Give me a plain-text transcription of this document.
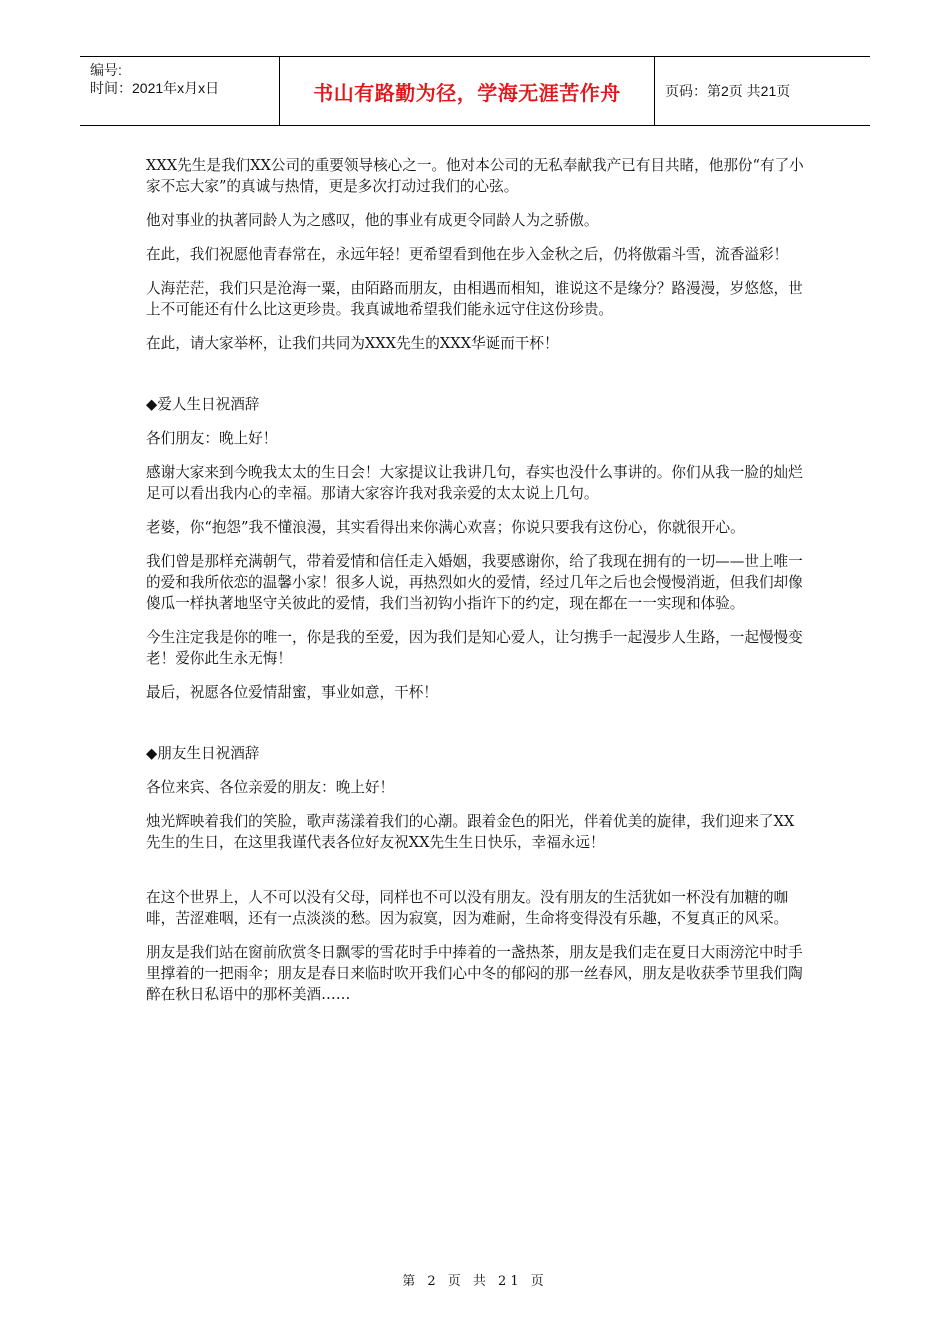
编号:
时间：2021年x月x日	书山有路勤为径，学海无涯苦作舟	页码：第2页 共21页

XXX先生是我们XX公司的重要领导核心之一。他对本公司的无私奉献我产已有目共睹，他那份“有了小家不忘大家”的真诚与热情，更是多次打动过我们的心弦。

他对事业的执著同龄人为之感叹，他的事业有成更令同龄人为之骄傲。

在此，我们祝愿他青春常在，永远年轻！更希望看到他在步入金秋之后，仍将傲霜斗雪，流香溢彩！

人海茫茫，我们只是沧海一粟，由陌路而朋友，由相遇而相知，谁说这不是缘分？路漫漫，岁悠悠，世上不可能还有什么比这更珍贵。我真诚地希望我们能永远守住这份珍贵。

在此，请大家举杯，让我们共同为XXX先生的XXX华诞而干杯！

◆爱人生日祝酒辞

各们朋友：晚上好！

感谢大家来到今晚我太太的生日会！大家提议让我讲几句，春实也没什么事讲的。你们从我一脸的灿烂足可以看出我内心的幸福。那请大家容许我对我亲爱的太太说上几句。

老婆，你“抱怨”我不懂浪漫，其实看得出来你满心欢喜；你说只要我有这份心，你就很开心。

我们曾是那样充满朝气，带着爱情和信任走入婚姻，我要感谢你，给了我现在拥有的一切——世上唯一的爱和我所依恋的温馨小家！很多人说，再热烈如火的爱情，经过几年之后也会慢慢消逝，但我们却像傻瓜一样执著地坚守关彼此的爱情，我们当初钩小指许下的约定，现在都在一一实现和体验。

今生注定我是你的唯一，你是我的至爱，因为我们是知心爱人，让匀携手一起漫步人生路，一起慢慢变老！爱你此生永无悔！

最后，祝愿各位爱情甜蜜，事业如意，干杯！

◆朋友生日祝酒辞

各位来宾、各位亲爱的朋友：晚上好！

烛光辉映着我们的笑脸，歌声荡漾着我们的心潮。跟着金色的阳光，伴着优美的旋律，我们迎来了XX先生的生日，在这里我谨代表各位好友祝XX先生生日快乐，幸福永远！

在这个世界上，人不可以没有父母，同样也不可以没有朋友。没有朋友的生活犹如一杯没有加糖的咖啡，苦涩难咽，还有一点淡淡的愁。因为寂寞，因为难耐，生命将变得没有乐趣，不复真正的风采。

朋友是我们站在窗前欣赏冬日飘零的雪花时手中捧着的一盏热茶，朋友是我们走在夏日大雨滂沱中时手里撑着的一把雨伞；朋友是春日来临时吹开我们心中冬的郁闷的那一丝春风，朋友是收获季节里我们陶醉在秋日私语中的那杯美酒……

第 2 页 共 21 页
